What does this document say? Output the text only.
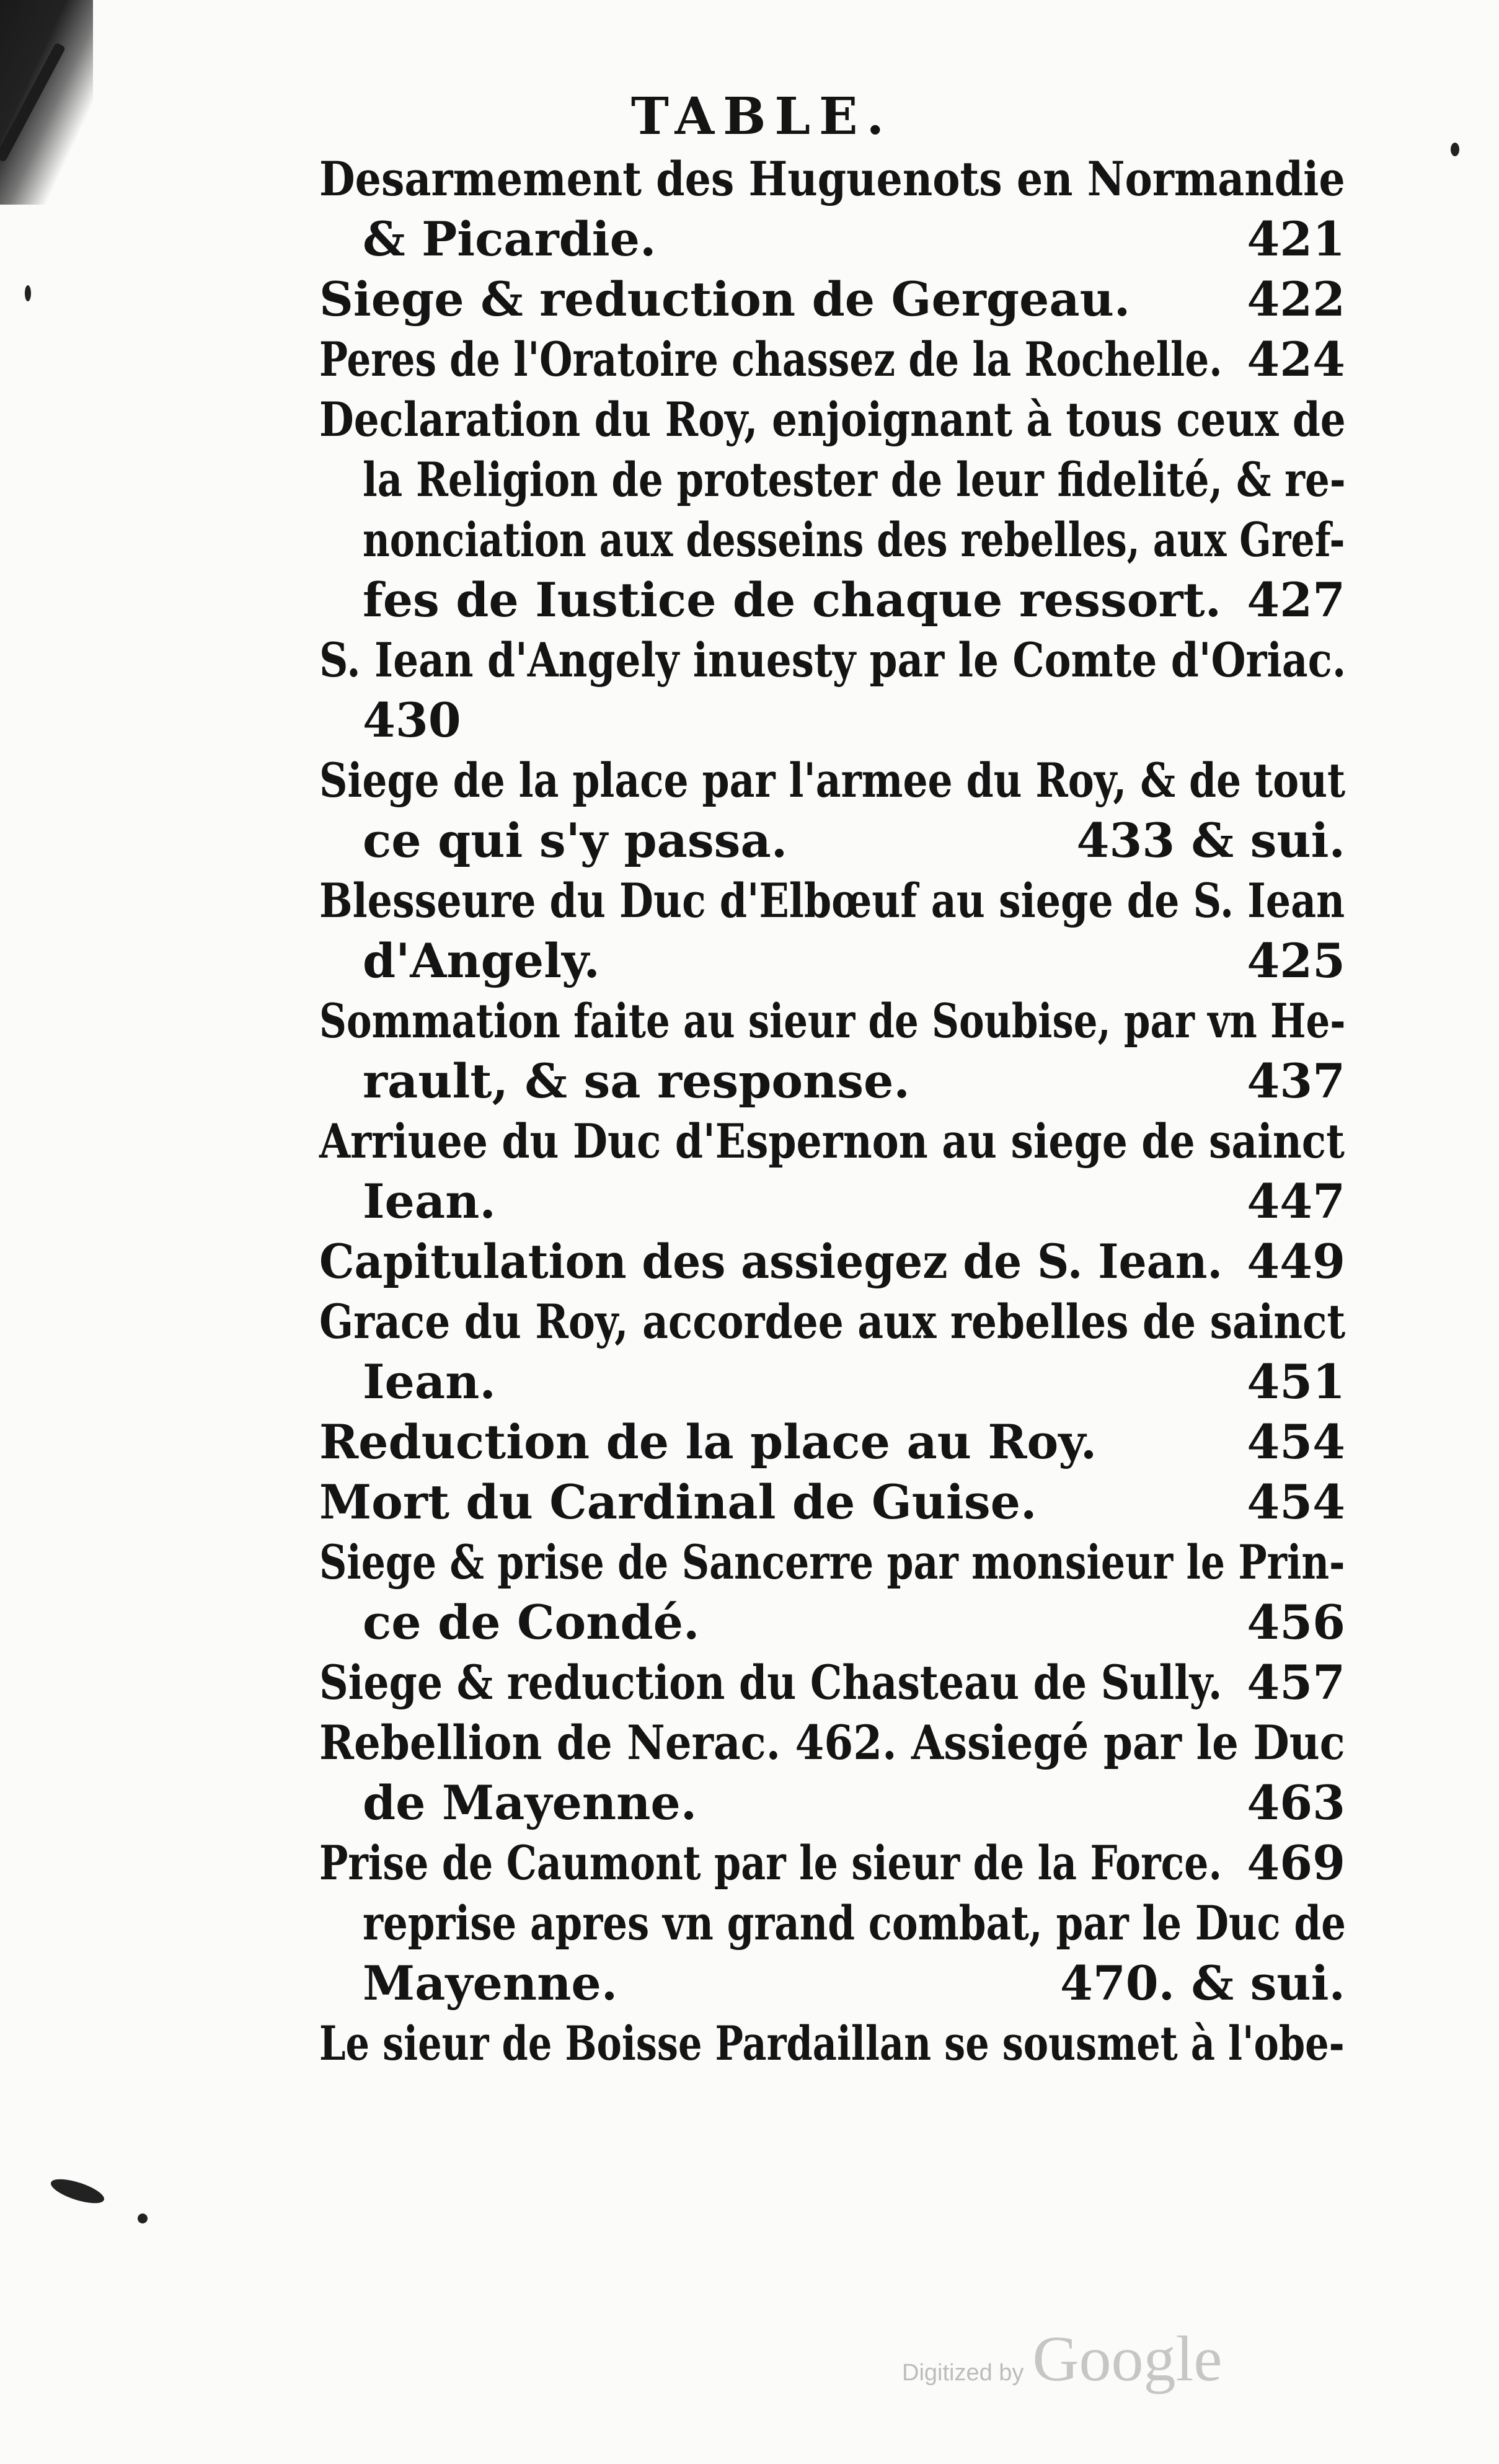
TABLE.
Desarmement des Huguenots en Normandie
& Picardie.	421
Siege & reduction de Gergeau. 422
Peres de l'Oratoire chassez de la Rochelle. 424
Declaration du Roy, enjoignant à tous ceux de
la Religion de protester de leur fidelité, & re-
nonciation aux desseins des rebelles, aux Gref-
fes de Iustice de chaque ressort. 427
S. Iean d'Angely inuesty par le Comte d'Oriac.
430
Siege de la place par l'armee du Roy, & de tout
ce qui s'y passa.	433 & sui.
Blesseure du Duc d'Elbœuf au siege de S. Iean
d'Angely.	425
Sommation faite au sieur de Soubise, par vn He-
rault, & sa response.	437
Arriuee du Duc d'Espernon au siege de sainct
Iean.	447
Capitulation des assiegez de S. Iean. 449
Grace du Roy, accordee aux rebelles de sainct
Iean.	451
Reduction de la place au Roy.	454
Mort du Cardinal de Guise.	454
Siege & prise de Sancerre par monsieur le Prin-
ce de Condé.	456
Siege & reduction du Chasteau de Sully. 457
Rebellion de Nerac. 462. Assiegé par le Duc
de Mayenne.	463
Prise de Caumont par le sieur de la Force. 469
reprise apres vn grand combat, par le Duc de
Mayenne.	470. & sui.
Le sieur de Boisse Pardaillan se sousmet à l'obe-
Digitized by Google
